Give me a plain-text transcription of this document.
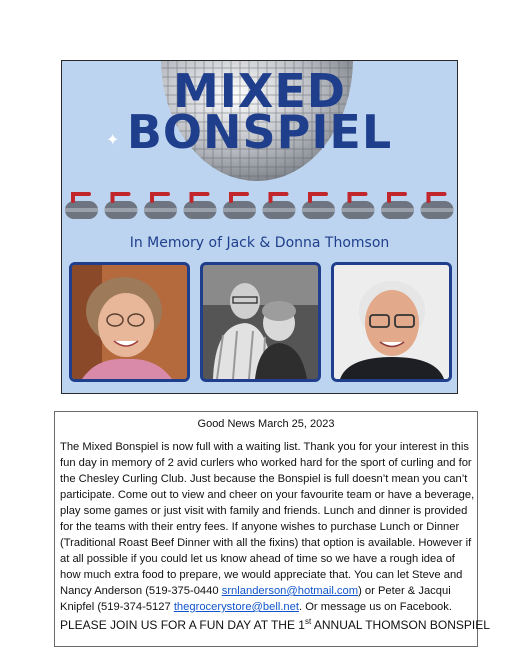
MIXED
BONSPIEL
✦
In Memory of Jack & Donna Thomson
Good News March 25, 2023
The Mixed Bonspiel is now full with a waiting list. Thank you for your interest in this fun day in memory of 2 avid curlers who worked hard for the sport of curling and for the Chesley Curling Club. Just because the Bonspiel is full doesn’t mean you can’t participate. Come out to view and cheer on your favourite team or have a beverage, play some games or just visit with family and friends. Lunch and dinner is provided for the teams with their entry fees. If anyone wishes to purchase Lunch or Dinner (Traditional Roast Beef Dinner with all the fixins) that option is available. However if at all possible if you could let us know ahead of time so we have a rough idea of how much extra food to prepare, we would appreciate that. You can let Steve and Nancy Anderson (519-375-0440 srnlanderson@hotmail.com) or Peter & Jacqui Knipfel (519-374-5127 thegrocerystore@bell.net. Or message us on Facebook.
PLEASE JOIN US FOR A FUN DAY AT THE 1st ANNUAL THOMSON BONSPIEL
